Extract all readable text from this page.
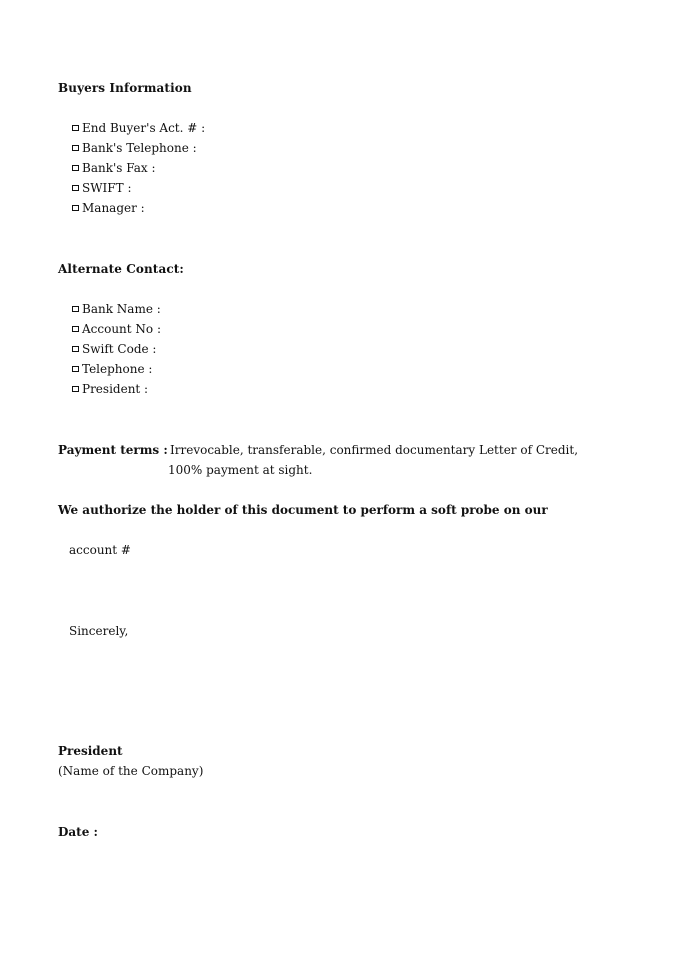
Buyers Information
End Buyer's Act. # :
Bank's Telephone :
Bank's Fax :
SWIFT :
Manager :
Alternate Contact:
Bank Name :
Account No :
Swift Code :
Telephone :
President :
Payment terms : Irrevocable, transferable, confirmed documentary Letter of Credit,
100% payment at sight.
We authorize the holder of this document to perform a soft probe on our
account #
Sincerely,
President
(Name of the Company)
Date :
